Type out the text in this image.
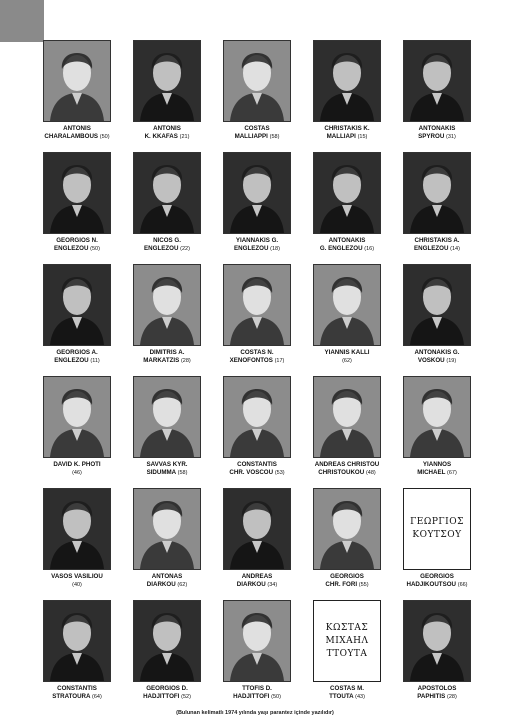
ANTONIS
CHARALAMBOUS (50)
ANTONIS
K. KKAFAS (21)
COSTAS
MALLIAPPI (58)
CHRISTAKIS K.
MALLIAPI (15)
ANTONAKIS
SPYROU (31)
GEORGIOS N.
ENGLEZOU (50)
NICOS G.
ENGLEZOU (22)
YIANNAKIS G.
ENGLEZOU (18)
ANTONAKIS
G. ENGLEZOU (16)
CHRISTAKIS A.
ENGLEZOU (14)
GEORGIOS A.
ENGLEZOU (11)
DIMITRIS A.
MARKATZIS (28)
COSTAS N.
XENOFONTOS (17)
YIANNIS KALLI
(62)
ANTONAKIS G.
VOSKOU (19)
DAVID K. PHOTI
(46)
SAVVAS KYR.
SIDUMMA (58)
CONSTANTIS
CHR. VOSCOU (53)
ANDREAS CHRISTOU
CHRISTOUKOU (48)
YIANNOS
MICHAEL (67)
VASOS VASILIOU
(40)
ANTONAS
DIARKOU (62)
ANDREAS
DIARKOU (34)
GEORGIOS
CHR. FORI (55)
ΓΕΩΡΓΙΟΣ
ΚΟΥΤΣΟΥ
GEORGIOS
HADJIKOUTSOU (66)
CONSTANTIS
STRATOURA (64)
GEORGIOS D.
HADJITTOFI (52)
TTOFIS D.
HADJITTOFI (50)
ΚΩΣΤΑΣ
ΜΙΧΑΗΛ
ΤΤΟΥΤΑ
COSTAS M.
TTOUTA (43)
APOSTOLOS
PAPHITIS (28)
(Bulunan kelimatlı 1974 yılında yaşı parantez içinde yazılıdır)
